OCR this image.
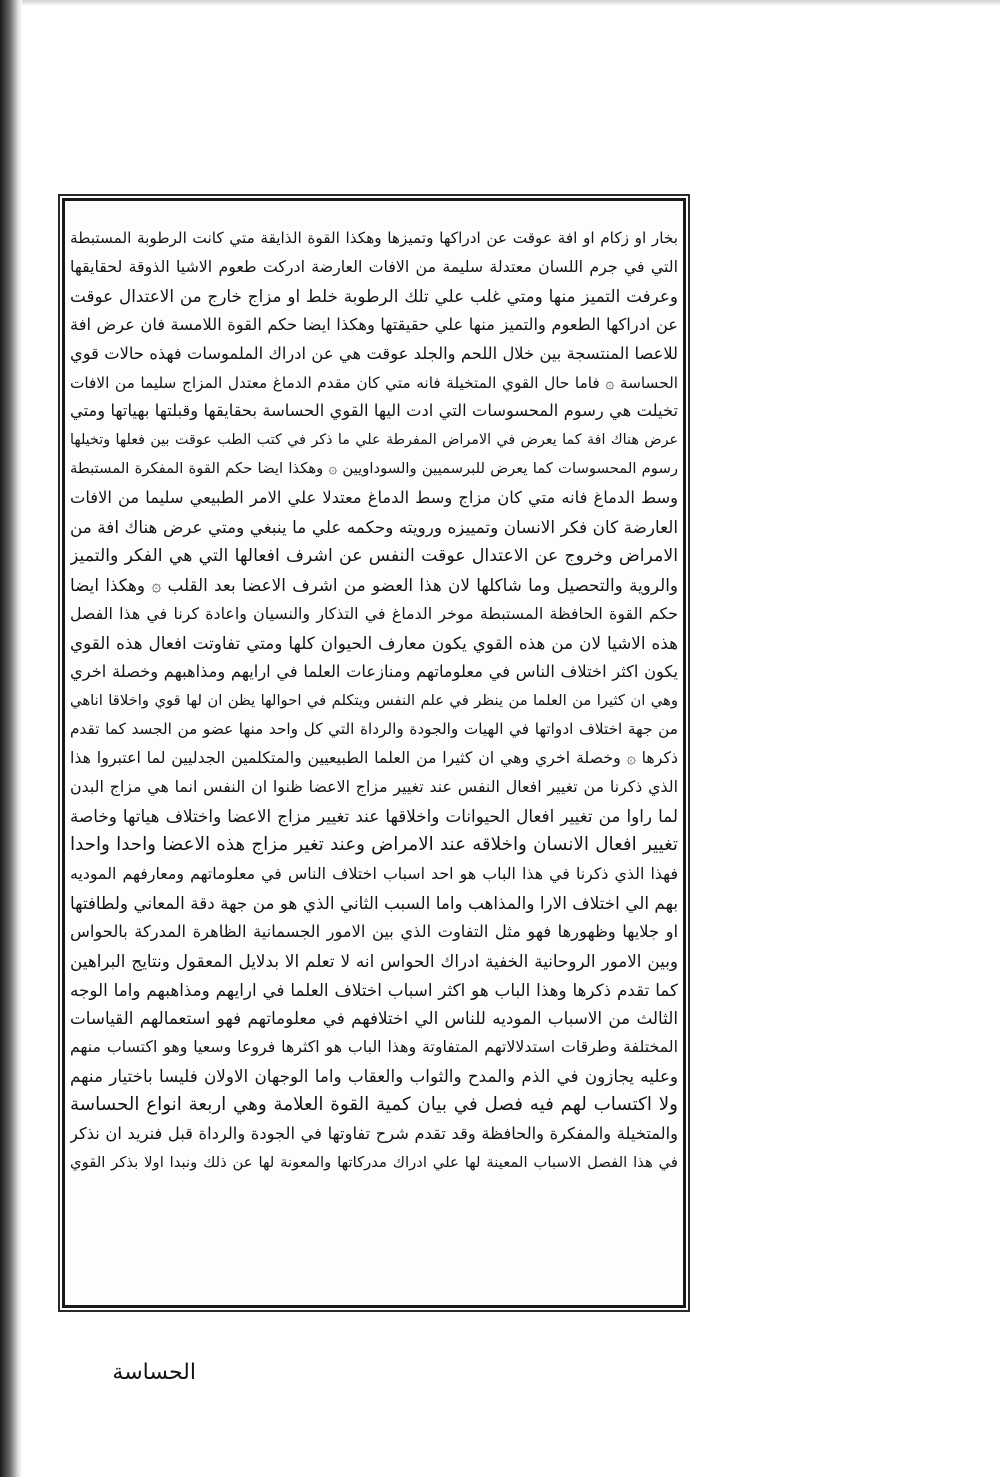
بخار او زكام او افة عوقت عن ادراكها وتميزها وهكذا القوة الذايقة متي كانت الرطوبة المستبطة
التي في جرم اللسان معتدلة سليمة من الافات العارضة ادركت طعوم الاشيا الذوقة لحقايقها
وعرفت التميز منها ومتي غلب علي تلك الرطوبة خلط او مزاج خارج من الاعتدال عوقت
عن ادراكها الطعوم والتميز منها علي حقيقتها وهكذا ايضا حكم القوة اللامسة فان عرض افة
للاعصا المنتسجة بين خلال اللحم والجلد عوقت هي عن ادراك الملموسات فهذه حالات قوي
الحساسة ۞ فاما حال القوي المتخيلة فانه متي كان مقدم الدماغ معتدل المزاج سليما من الافات
تخيلت هي رسوم المحسوسات التي ادت اليها القوي الحساسة بحقايقها وقبلتها بهياتها ومتي
عرض هناك افة كما يعرض في الامراض المفرطة علي ما ذكر في كتب الطب عوقت بين فعلها وتخيلها
رسوم المحسوسات كما يعرض للبرسميين والسوداويين ۞ وهكذا ايضا حكم القوة المفكرة المستبطة
وسط الدماغ فانه متي كان مزاج وسط الدماغ معتدلا علي الامر الطبيعي سليما من الافات
العارضة كان فكر الانسان وتمييزه ورويته وحكمه علي ما ينبغي ومتي عرض هناك افة من
الامراض وخروج عن الاعتدال عوقت النفس عن اشرف افعالها التي هي الفكر والتميز
والروية والتحصيل وما شاكلها لان هذا العضو من اشرف الاعضا بعد القلب ۞ وهكذا ايضا
حكم القوة الحافظة المستبطة موخر الدماغ في التذكار والنسيان واعادة كرنا في هذا الفصل
هذه الاشيا لان من هذه القوي يكون معارف الحيوان كلها ومتي تفاوتت افعال هذه القوي
يكون اكثر اختلاف الناس في معلوماتهم ومنازعات العلما في ارايهم ومذاهبهم وخصلة اخري
وهي ان كثيرا من العلما من ينظر في علم النفس ويتكلم في احوالها يظن ان لها قوي واخلاقا اناهي
من جهة اختلاف ادواتها في الهيات والجودة والرداة التي كل واحد منها عضو من الجسد كما تقدم
ذكرها ۞ وخصلة اخري وهي ان كثيرا من العلما الطبيعيين والمتكلمين الجدليين لما اعتبروا هذا
الذي ذكرنا من تغيير افعال النفس عند تغيير مزاج الاعضا ظنوا ان النفس انما هي مزاج البدن
لما راوا من تغيير افعال الحيوانات واخلاقها عند تغيير مزاج الاعضا واختلاف هياتها وخاصة
تغيير افعال الانسان واخلاقه عند الامراض وعند تغير مزاج هذه الاعضا واحدا واحدا
فهذا الذي ذكرنا في هذا الباب هو احد اسباب اختلاف الناس في معلوماتهم ومعارفهم الموديه
بهم الي اختلاف الارا والمذاهب واما السبب الثاني الذي هو من جهة دقة المعاني ولطافتها
او جلايها وظهورها فهو مثل التفاوت الذي بين الامور الجسمانية الظاهرة المدركة بالحواس
وبين الامور الروحانية الخفية ادراك الحواس انه لا تعلم الا بدلايل المعقول ونتايج البراهين
كما تقدم ذكرها وهذا الباب هو اكثر اسباب اختلاف العلما في ارايهم ومذاهبهم واما الوجه
الثالث من الاسباب الموديه للناس الي اختلافهم في معلوماتهم فهو استعمالهم القياسات
المختلفة وطرقات استدلالاتهم المتفاوتة وهذا الباب هو اكثرها فروعا وسعيا وهو اكتساب منهم
وعليه يجازون في الذم والمدح والثواب والعقاب واما الوجهان الاولان فليسا باختيار منهم
ولا اكتساب لهم فيه فصل في بيان كمية القوة العلامة وهي اربعة انواع الحساسة
والمتخيلة والمفكرة والحافظة وقد تقدم شرح تفاوتها في الجودة والرداة قبل فنريد ان نذكر
في هذا الفصل الاسباب المعينة لها علي ادراك مدركاتها والمعونة لها عن ذلك ونبدا اولا بذكر القوي
الحساسة
